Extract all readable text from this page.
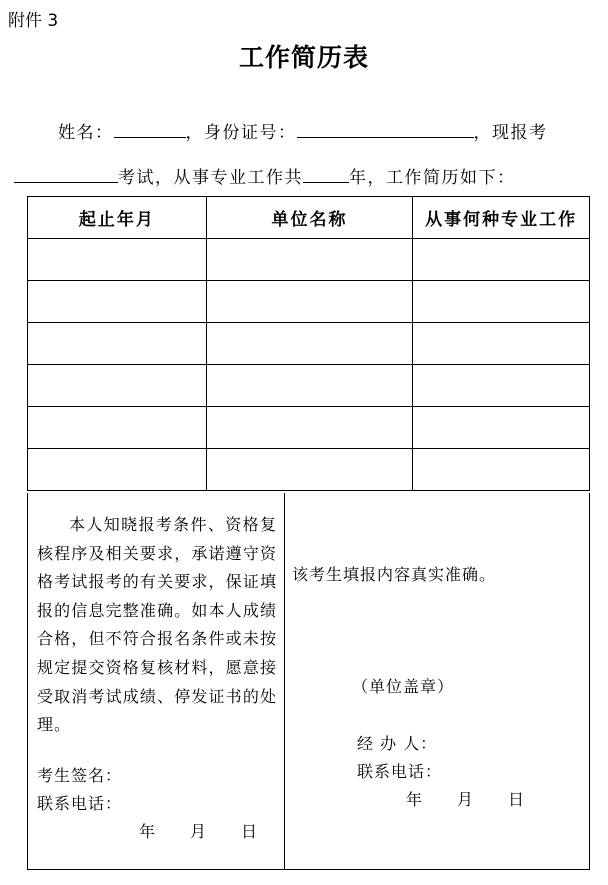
附件 3
工作简历表
姓名：	，身份证号：	，现报考
考试，从事专业工作共	年，工作简历如下：
起止年月	单位名称	从事何种专业工作

本人知晓报考条件、资格复核程序及相关要求，承诺遵守资格考试报考的有关要求，保证填报的信息完整准确。如本人成绩合格，但不符合报名条件或未按规定提交资格复核材料，愿意接受取消考试成绩、停发证书的处理。
考生签名：
联系电话：
年　　月　　日
该考生填报内容真实准确。
（单位盖章）
经 办 人：
联系电话：
年　　月　　日
